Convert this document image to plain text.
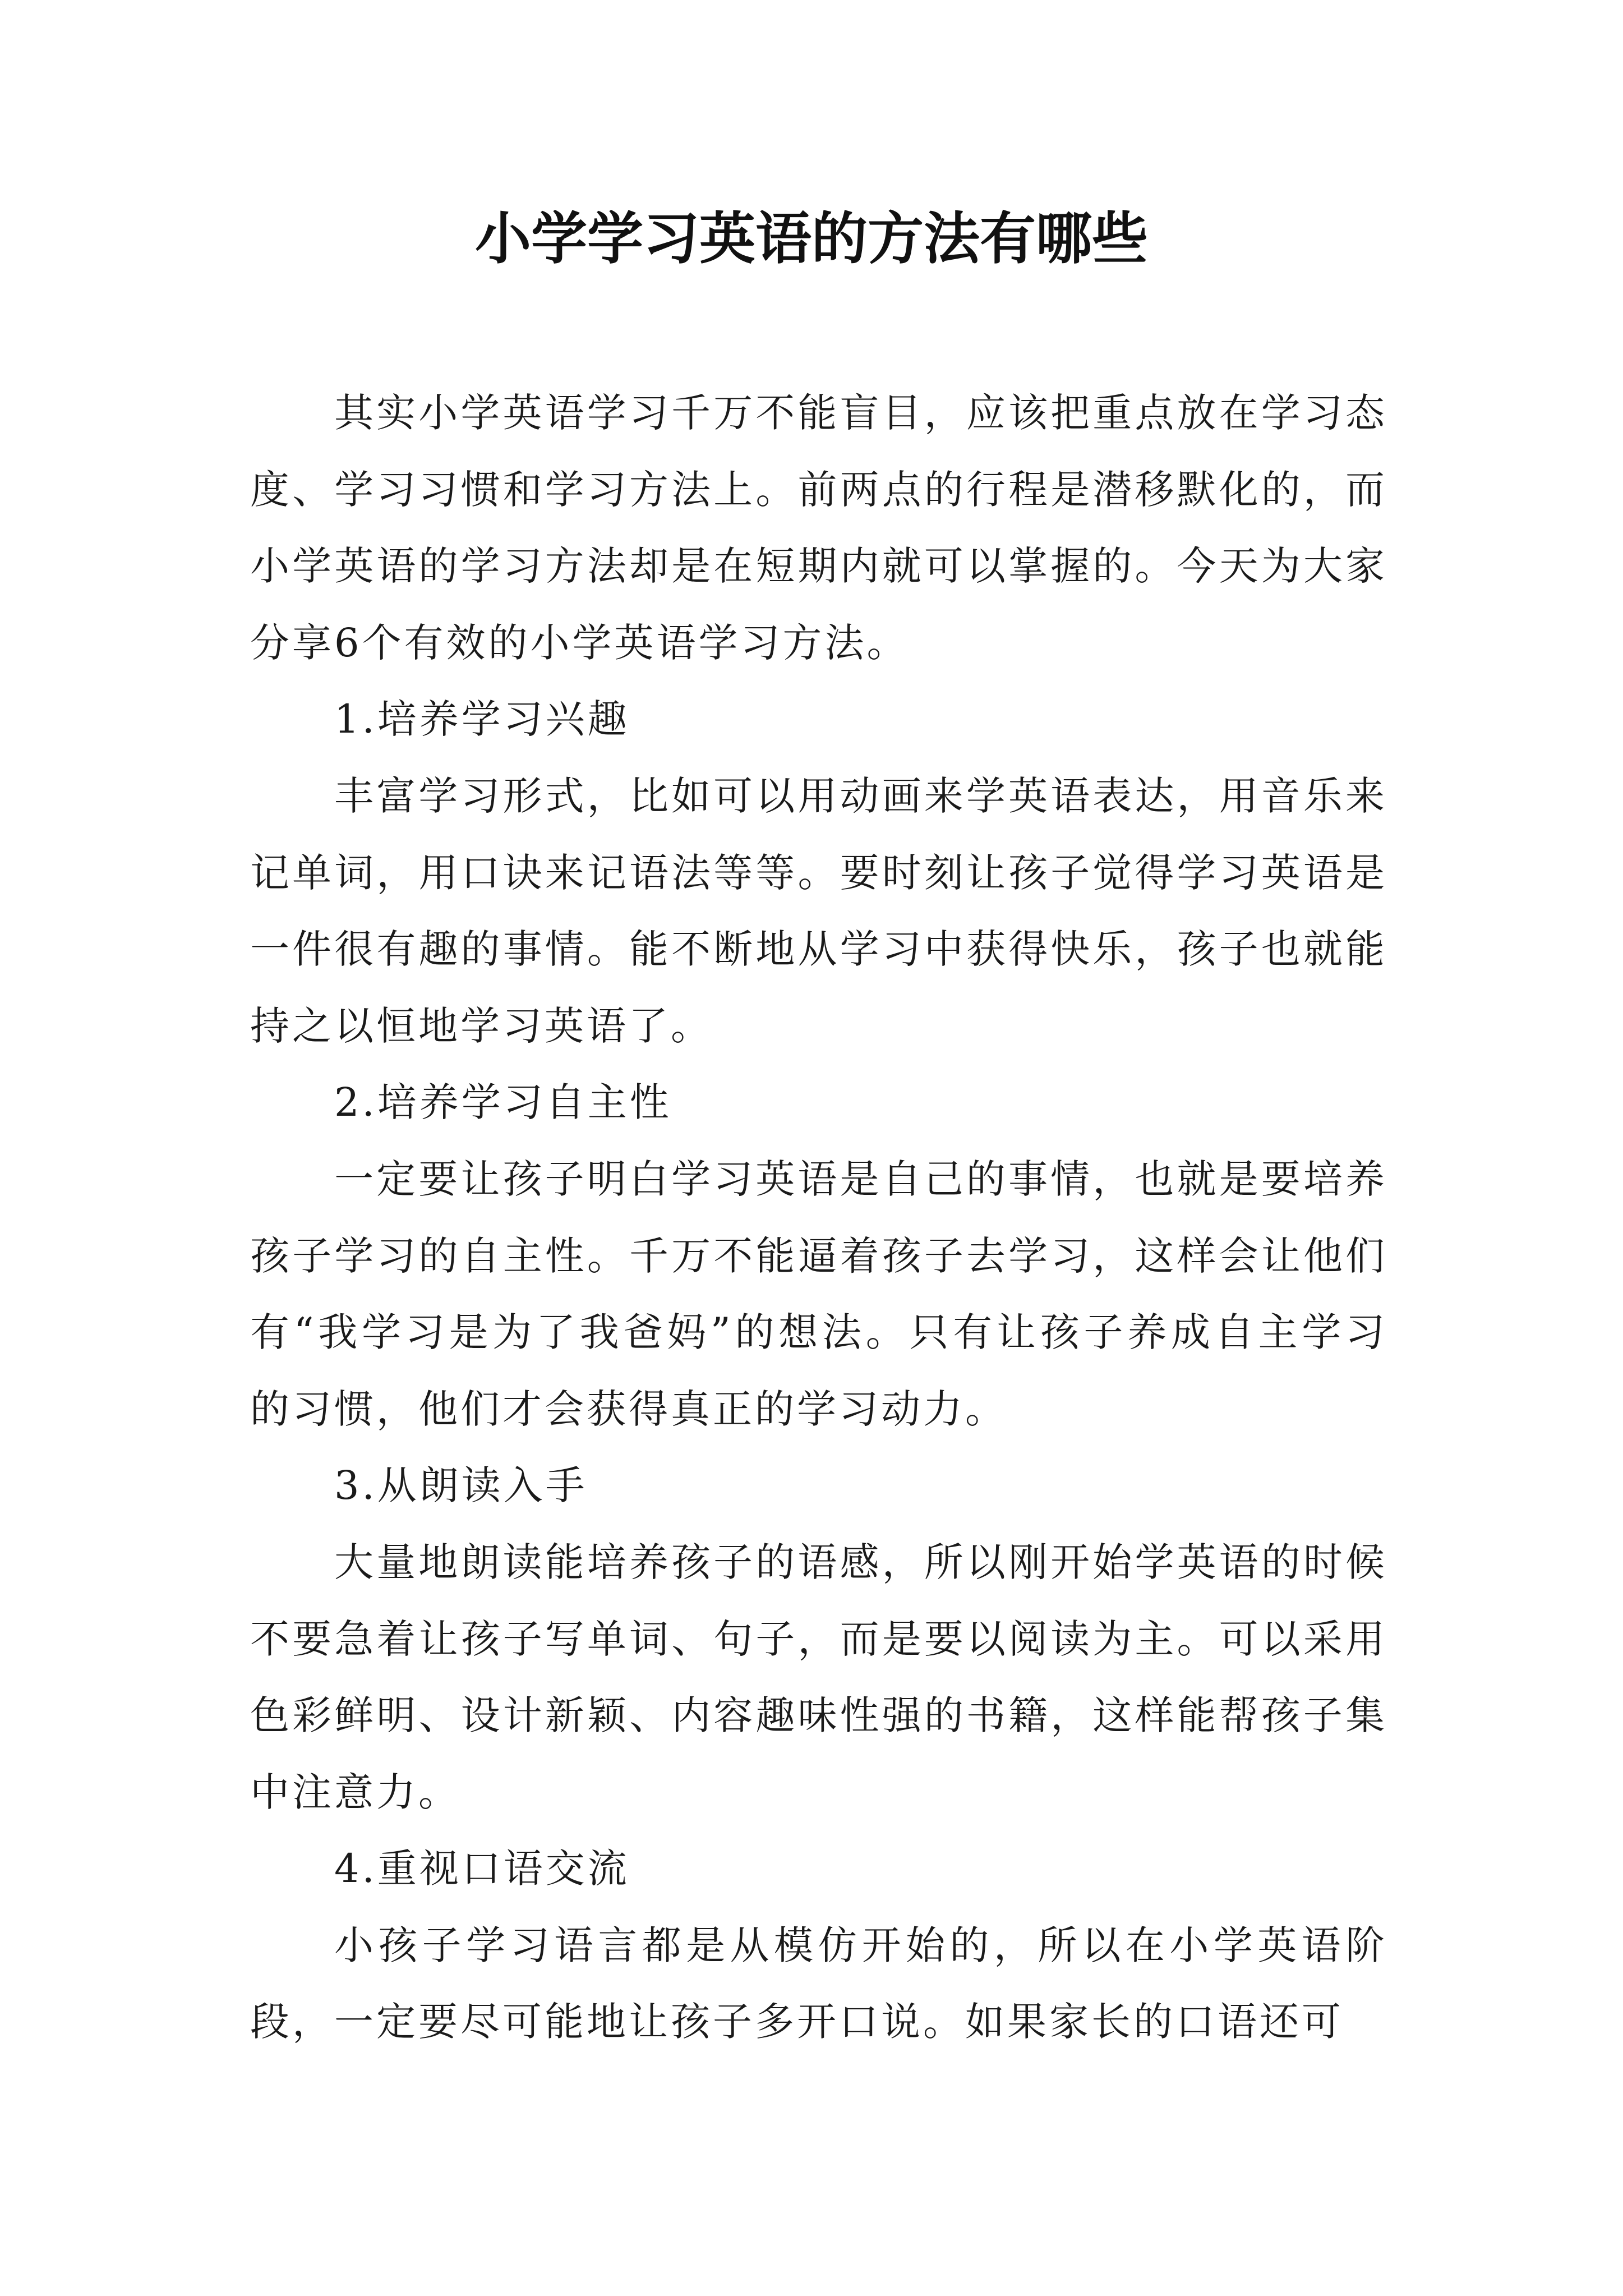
小学学习英语的方法有哪些

其实小学英语学习千万不能盲目，应该把重点放在学习态度、学习习惯和学习方法上。前两点的行程是潜移默化的，而小学英语的学习方法却是在短期内就可以掌握的。今天为大家分享6个有效的小学英语学习方法。

1.培养学习兴趣

丰富学习形式，比如可以用动画来学英语表达，用音乐来记单词，用口诀来记语法等等。要时刻让孩子觉得学习英语是一件很有趣的事情。能不断地从学习中获得快乐，孩子也就能持之以恒地学习英语了。

2.培养学习自主性

一定要让孩子明白学习英语是自己的事情，也就是要培养孩子学习的自主性。千万不能逼着孩子去学习，这样会让他们有“我学习是为了我爸妈”的想法。只有让孩子养成自主学习的习惯，他们才会获得真正的学习动力。

3.从朗读入手

大量地朗读能培养孩子的语感，所以刚开始学英语的时候不要急着让孩子写单词、句子，而是要以阅读为主。可以采用色彩鲜明、设计新颖、内容趣味性强的书籍，这样能帮孩子集中注意力。

4.重视口语交流

小孩子学习语言都是从模仿开始的，所以在小学英语阶段，一定要尽可能地让孩子多开口说。如果家长的口语还可
